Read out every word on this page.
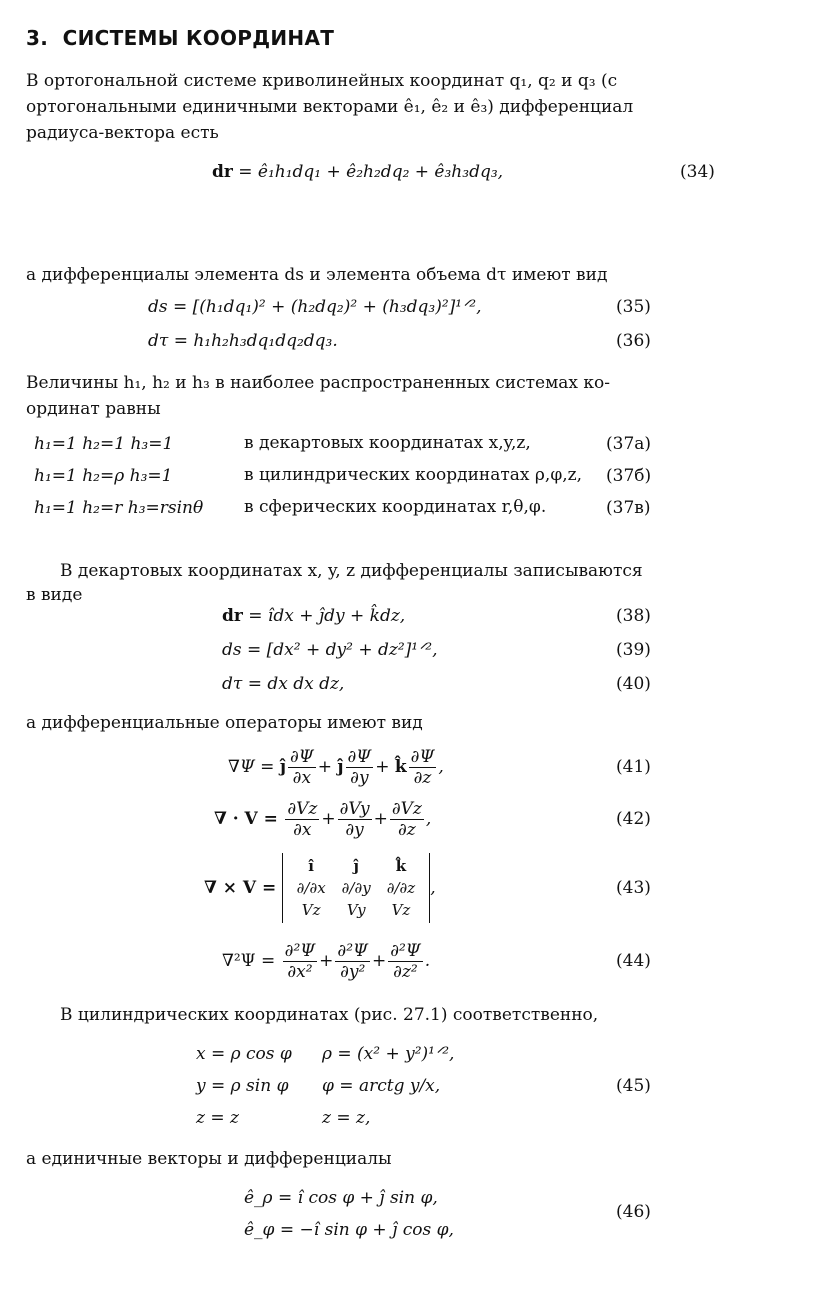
3. СИСТЕМЫ КООРДИНАТ
В ортогональной системе криволинейных координат q₁, q₂ и q₃ (с
ортогональными единичными векторами ê₁, ê₂ и ê₃) дифференциал
радиуса-вектора есть
dr = ê₁h₁dq₁ + ê₂h₂dq₂ + ê₃h₃dq₃,	(34)
а дифференциалы элемента ds и элемента объема dτ имеют вид
ds = [(h₁dq₁)² + (h₂dq₂)² + (h₃dq₃)²]¹ᐟ²,	(35)
dτ = h₁h₂h₃dq₁dq₂dq₃.	(36)
Величины h₁, h₂ и h₃ в наиболее распространенных системах ко-
ординат равны
h₁=1 h₂=1 h₃=1	в декартовых координатах x,y,z,	(37а)
h₁=1 h₂=ρ h₃=1	в цилиндрических координатах ρ,φ,z, (37б)
h₁=1 h₂=r h₃=rsinθ в сферических координатах r,θ,φ.	(37в)
В декартовых координатах x, y, z дифференциалы записываются
в виде
dr = îdx + ĵdy + k̂dz,	(38)
ds = [dx² + dy² + dz²]¹ᐟ²,	(39)
dτ = dx dx dz,	(40)
а дифференциальные операторы имеют вид
∇Ψ =
ĵ $\frac{\partial\Psi}{\partial x}$ +
ĵ $\frac{\partial\Psi}{\partial y}$ +
k̂ $\frac{\partial\Psi}{\partial z}$ ,	(41)
∇ · V =
$\frac{\partial Vz}{\partial x} + \frac{\partial Vy}{\partial y} + \frac{\partial Vz}{\partial z}$ ,	(42)
∇ × V =

î	ĵ	k̂
∂/∂x	∂/∂y	∂/∂z
Vz	Vy	Vz
,	(43)
∇²Ψ =
$\frac{\text{∂²Ψ}}{\text{∂x²}} + \frac{\text{∂²Ψ}}{\text{∂y²}} + \frac{\text{∂²Ψ}}{\text{∂z²}}$ .	(44)
В цилиндрических координатах (рис. 27.1) соответственно,
x = ρ cos φ ρ = (x² + y²)¹ᐟ²,
y = ρ sin φ φ = arctg y/x,
z = z	z = z,
(45)
а единичные векторы и дифференциалы
ê_ρ = î cos φ + ĵ sin φ,
ê_φ = −î sin φ + ĵ cos φ,
(46)
